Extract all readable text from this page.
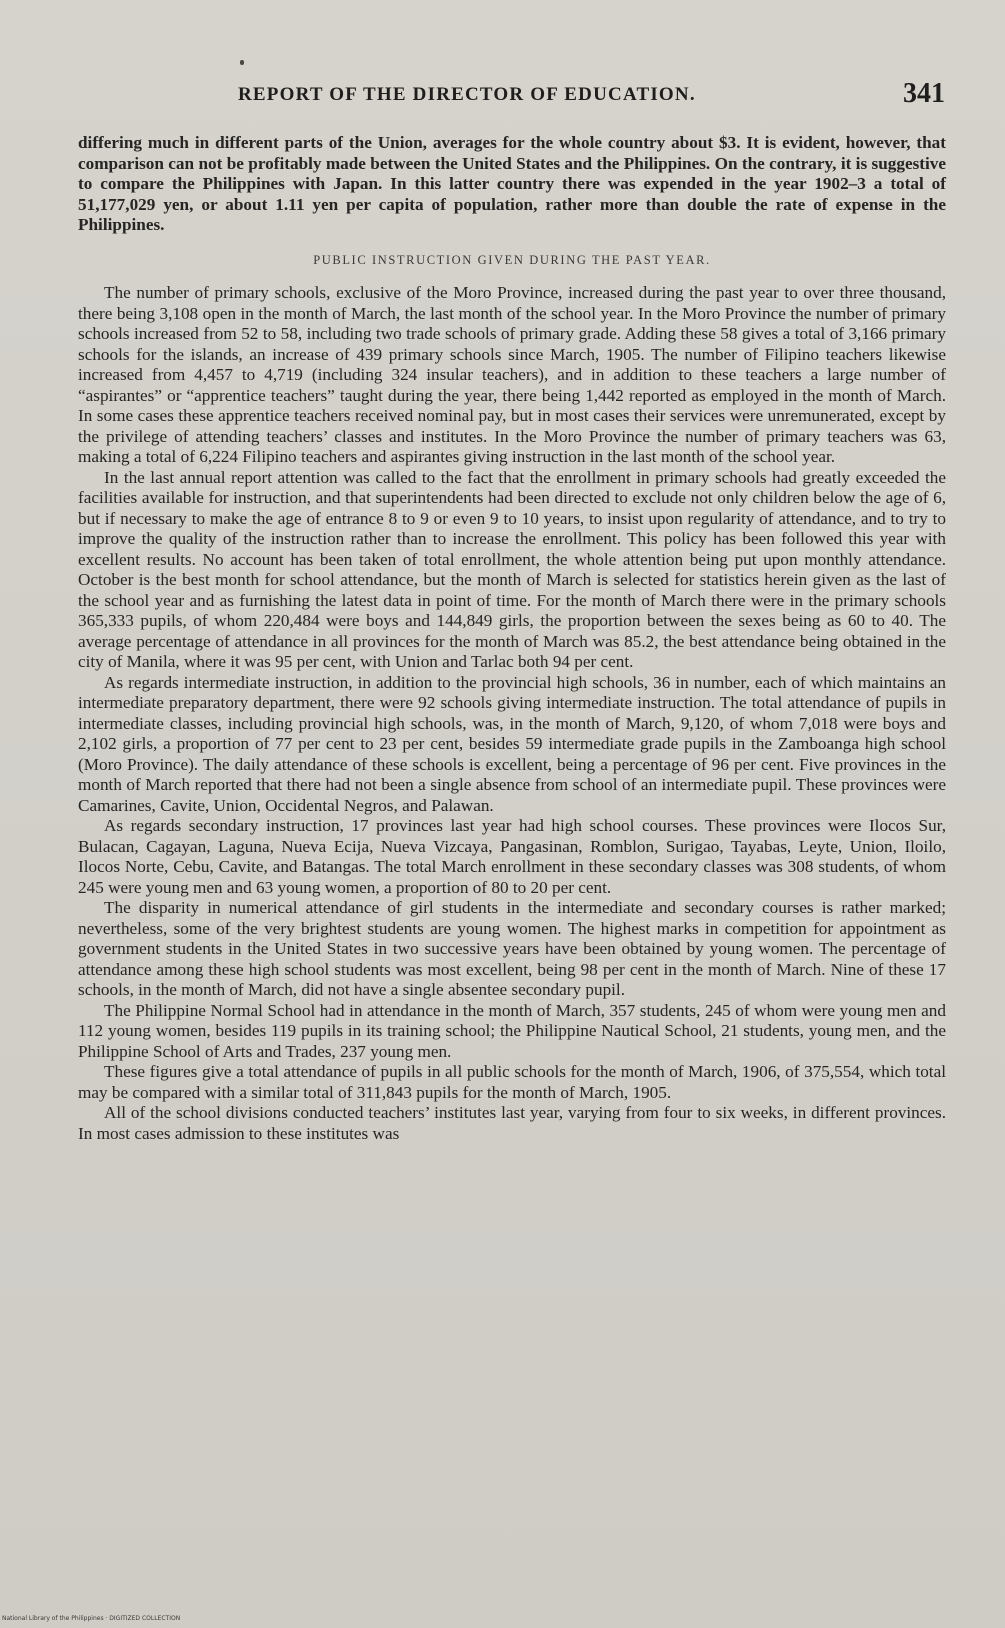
REPORT OF THE DIRECTOR OF EDUCATION.	341

differing much in different parts of the Union, averages for the whole country about $3. It is evident, however, that comparison can not be profitably made between the United States and the Philippines. On the contrary, it is suggestive to compare the Philippines with Japan. In this latter country there was expended in the year 1902–3 a total of 51,177,029 yen, or about 1.11 yen per capita of population, rather more than double the rate of expense in the Philippines.

PUBLIC INSTRUCTION GIVEN DURING THE PAST YEAR.

The number of primary schools, exclusive of the Moro Province, increased during the past year to over three thousand, there being 3,108 open in the month of March, the last month of the school year. In the Moro Province the number of primary schools increased from 52 to 58, including two trade schools of primary grade. Adding these 58 gives a total of 3,166 primary schools for the islands, an increase of 439 primary schools since March, 1905. The number of Filipino teachers likewise increased from 4,457 to 4,719 (including 324 insular teachers), and in addition to these teachers a large number of “aspirantes” or “apprentice teachers” taught during the year, there being 1,442 reported as employed in the month of March. In some cases these apprentice teachers received nominal pay, but in most cases their services were unremunerated, except by the privilege of attending teachers’ classes and institutes. In the Moro Province the number of primary teachers was 63, making a total of 6,224 Filipino teachers and aspirantes giving instruction in the last month of the school year.

In the last annual report attention was called to the fact that the enrollment in primary schools had greatly exceeded the facilities available for instruction, and that superintendents had been directed to exclude not only children below the age of 6, but if necessary to make the age of entrance 8 to 9 or even 9 to 10 years, to insist upon regularity of attendance, and to try to improve the quality of the instruction rather than to increase the enrollment. This policy has been followed this year with excellent results. No account has been taken of total enrollment, the whole attention being put upon monthly attendance. October is the best month for school attendance, but the month of March is selected for statistics herein given as the last of the school year and as furnishing the latest data in point of time. For the month of March there were in the primary schools 365,333 pupils, of whom 220,484 were boys and 144,849 girls, the proportion between the sexes being as 60 to 40. The average percentage of attendance in all provinces for the month of March was 85.2, the best attendance being obtained in the city of Manila, where it was 95 per cent, with Union and Tarlac both 94 per cent.

As regards intermediate instruction, in addition to the provincial high schools, 36 in number, each of which maintains an intermediate preparatory department, there were 92 schools giving intermediate instruction. The total attendance of pupils in intermediate classes, including provincial high schools, was, in the month of March, 9,120, of whom 7,018 were boys and 2,102 girls, a proportion of 77 per cent to 23 per cent, besides 59 intermediate grade pupils in the Zamboanga high school (Moro Province). The daily attendance of these schools is excellent, being a percentage of 96 per cent. Five provinces in the month of March reported that there had not been a single absence from school of an intermediate pupil. These provinces were Camarines, Cavite, Union, Occidental Negros, and Palawan.

As regards secondary instruction, 17 provinces last year had high school courses. These provinces were Ilocos Sur, Bulacan, Cagayan, Laguna, Nueva Ecija, Nueva Vizcaya, Pangasinan, Romblon, Surigao, Tayabas, Leyte, Union, Iloilo, Ilocos Norte, Cebu, Cavite, and Batangas. The total March enrollment in these secondary classes was 308 students, of whom 245 were young men and 63 young women, a proportion of 80 to 20 per cent.

The disparity in numerical attendance of girl students in the intermediate and secondary courses is rather marked; nevertheless, some of the very brightest students are young women. The highest marks in competition for appointment as government students in the United States in two successive years have been obtained by young women. The percentage of attendance among these high school students was most excellent, being 98 per cent in the month of March. Nine of these 17 schools, in the month of March, did not have a single absentee secondary pupil.

The Philippine Normal School had in attendance in the month of March, 357 students, 245 of whom were young men and 112 young women, besides 119 pupils in its training school; the Philippine Nautical School, 21 students, young men, and the Philippine School of Arts and Trades, 237 young men.

These figures give a total attendance of pupils in all public schools for the month of March, 1906, of 375,554, which total may be compared with a similar total of 311,843 pupils for the month of March, 1905.

All of the school divisions conducted teachers’ institutes last year, varying from four to six weeks, in different provinces. In most cases admission to these institutes was

National Library of the Philippines · DIGITIZED COLLECTION
